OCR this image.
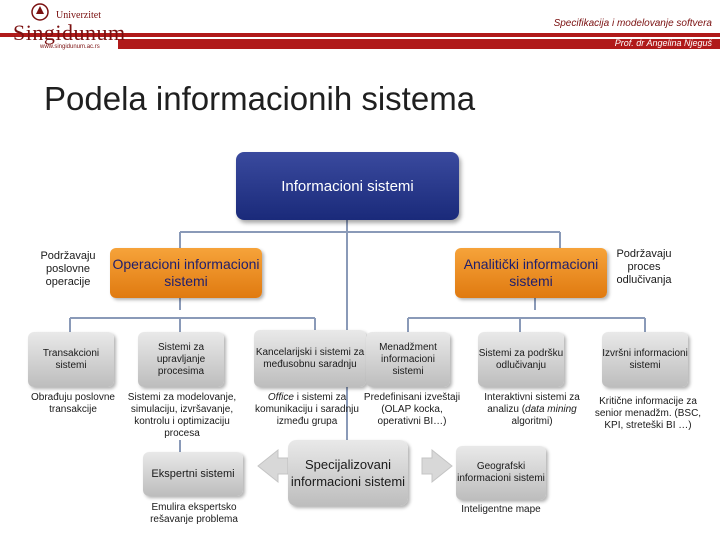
Specifikacija i modelovanje softvera
Prof. dr Angelina Njeguš
Univerzitet
Singidunum
www.singidunum.ac.rs
Podela informacionih sistema
Informacioni sistemi
Podržavaju poslovne operacije
Podržavaju proces odlučivanja
Operacioni informacioni sistemi
Analitički informacioni sistemi
Transakcioni sistemi
Sistemi za upravljanje procesima
Kancelarijski i sistemi za međusobnu saradnju
Menadžment informacioni sistemi
Sistemi za podršku odlučivanju
Izvršni informacioni sistemi
Obrađuju poslovne transakcije
Sistemi za modelovanje, simulaciju, izvršavanje, kontrolu i optimizaciju procesa
Office i sistemi za komunikaciju i saradnju između grupa
Predefinisani izveštaji (OLAP kocka, operativni BI…)
Interaktivni sistemi za analizu (data mining algoritmi)
Kritične informacije za senior menadžm. (BSC, KPI, streteški BI …)
Ekspertni sistemi
Emulira ekspertsko rešavanje problema
Specijalizovani informacioni sistemi
Geografski informacioni sistemi
Inteligentne mape
